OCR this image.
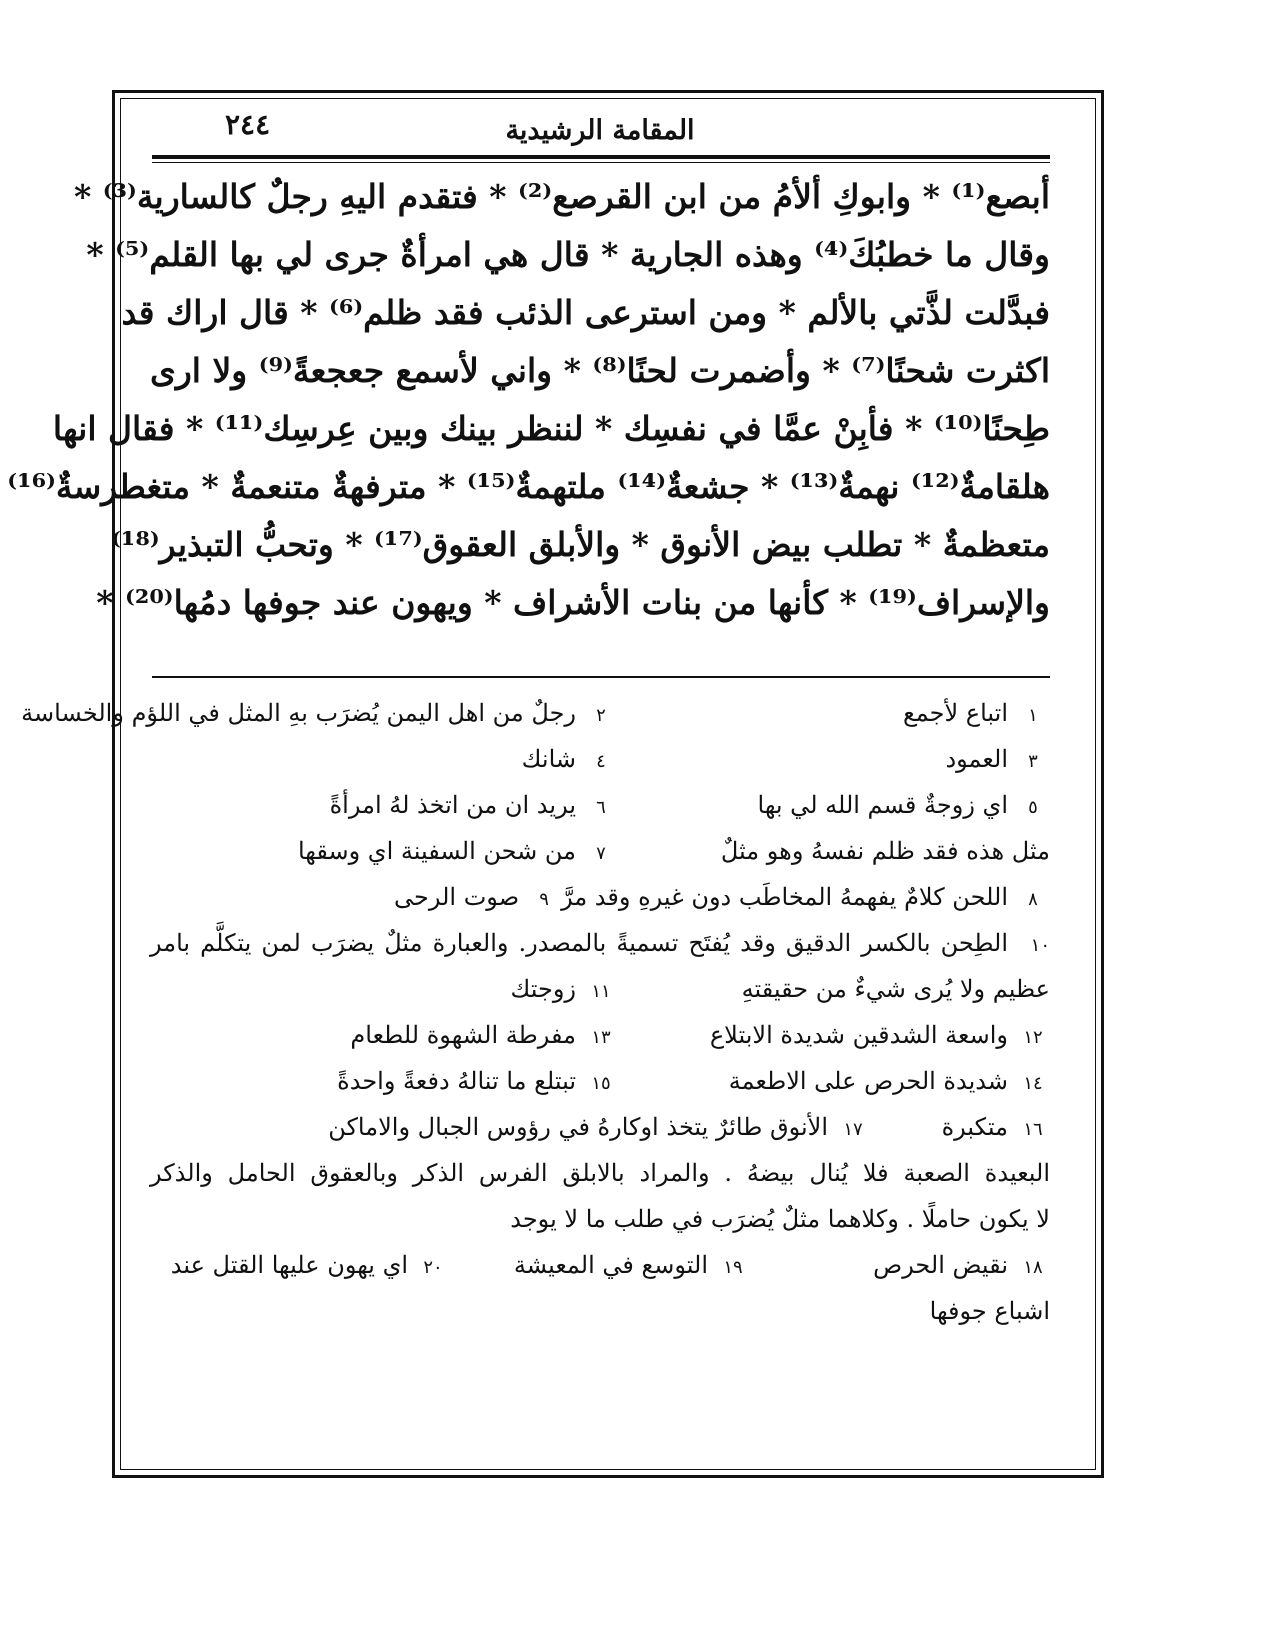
٢٤٤	المقامة الرشيدية
أبصع⁽¹⁾ * وابوكِ ألأمُ من ابن القرصع⁽²⁾ * فتقدم اليهِ رجلٌ كالسارية⁽³⁾ *
وقال ما خطبُكَ⁽⁴⁾ وهذه الجارية * قال هي امرأةٌ جرى لي بها القلم⁽⁵⁾ *
فبدَّلت لذَّتي بالألم * ومن استرعى الذئب فقد ظلم⁽⁶⁾ * قال اراك قد
اكثرت شحنًا⁽⁷⁾ * وأضمرت لحنًا⁽⁸⁾ * واني لأسمع جعجعةً⁽⁹⁾ ولا ارى
طِحنًا⁽¹⁰⁾ * فأبِنْ عمَّا في نفسِك * لننظر بينك وبين عِرسِك⁽¹¹⁾ * فقال انها
هلقامةٌ⁽¹²⁾ نهمةٌ⁽¹³⁾ * جشعةٌ⁽¹⁴⁾ ملتهمةٌ⁽¹⁵⁾ * مترفهةٌ متنعمةٌ * متغطرسةٌ⁽¹⁶⁾
متعظمةٌ * تطلب بيض الأنوق * والأبلق العقوق⁽¹⁷⁾ * وتحبُّ التبذير⁽¹⁸⁾
والإسراف⁽¹⁹⁾ * كأنها من بنات الأشراف * ويهون عند جوفها دمُها⁽²⁰⁾ *
١اتباع لأجمع
٢رجلٌ من اهل اليمن يُضرَب بهِ المثل في اللؤم والخساسة
٣العمود
٤شانك
٥اي زوجةٌ قسم الله لي بها
٦يريد ان من اتخذ لهُ امرأةً
مثل هذه فقد ظلم نفسهُ وهو مثلٌ
٧من شحن السفينة اي وسقها
٨اللحن كلامٌ يفهمهُ المخاطَب دون غيرهِ وقد مرَّ
٩صوت الرحى
١٠الطِحن بالكسر الدقيق وقد يُفتَح تسميةً بالمصدر. والعبارة مثلٌ يضرَب لمن يتكلَّم بامر
عظيم ولا يُرى شيءٌ من حقيقتهِ
١١زوجتك
١٢واسعة الشدقين شديدة الابتلاع
١٣مفرطة الشهوة للطعام
١٤شديدة الحرص على الاطعمة
١٥تبتلع ما تنالهُ دفعةً واحدةً
١٦متكبرة
١٧الأنوق طائرٌ يتخذ اوكارهُ في رؤوس الجبال والاماكن
البعيدة الصعبة فلا يُنال بيضهُ . والمراد بالابلق الفرس الذكر وبالعقوق الحامل والذكر
لا يكون حاملًا . وكلاهما مثلٌ يُضرَب في طلب ما لا يوجد
١٨نقيض الحرص
١٩التوسع في المعيشة
٢٠اي يهون عليها القتل عند
اشباع جوفها
